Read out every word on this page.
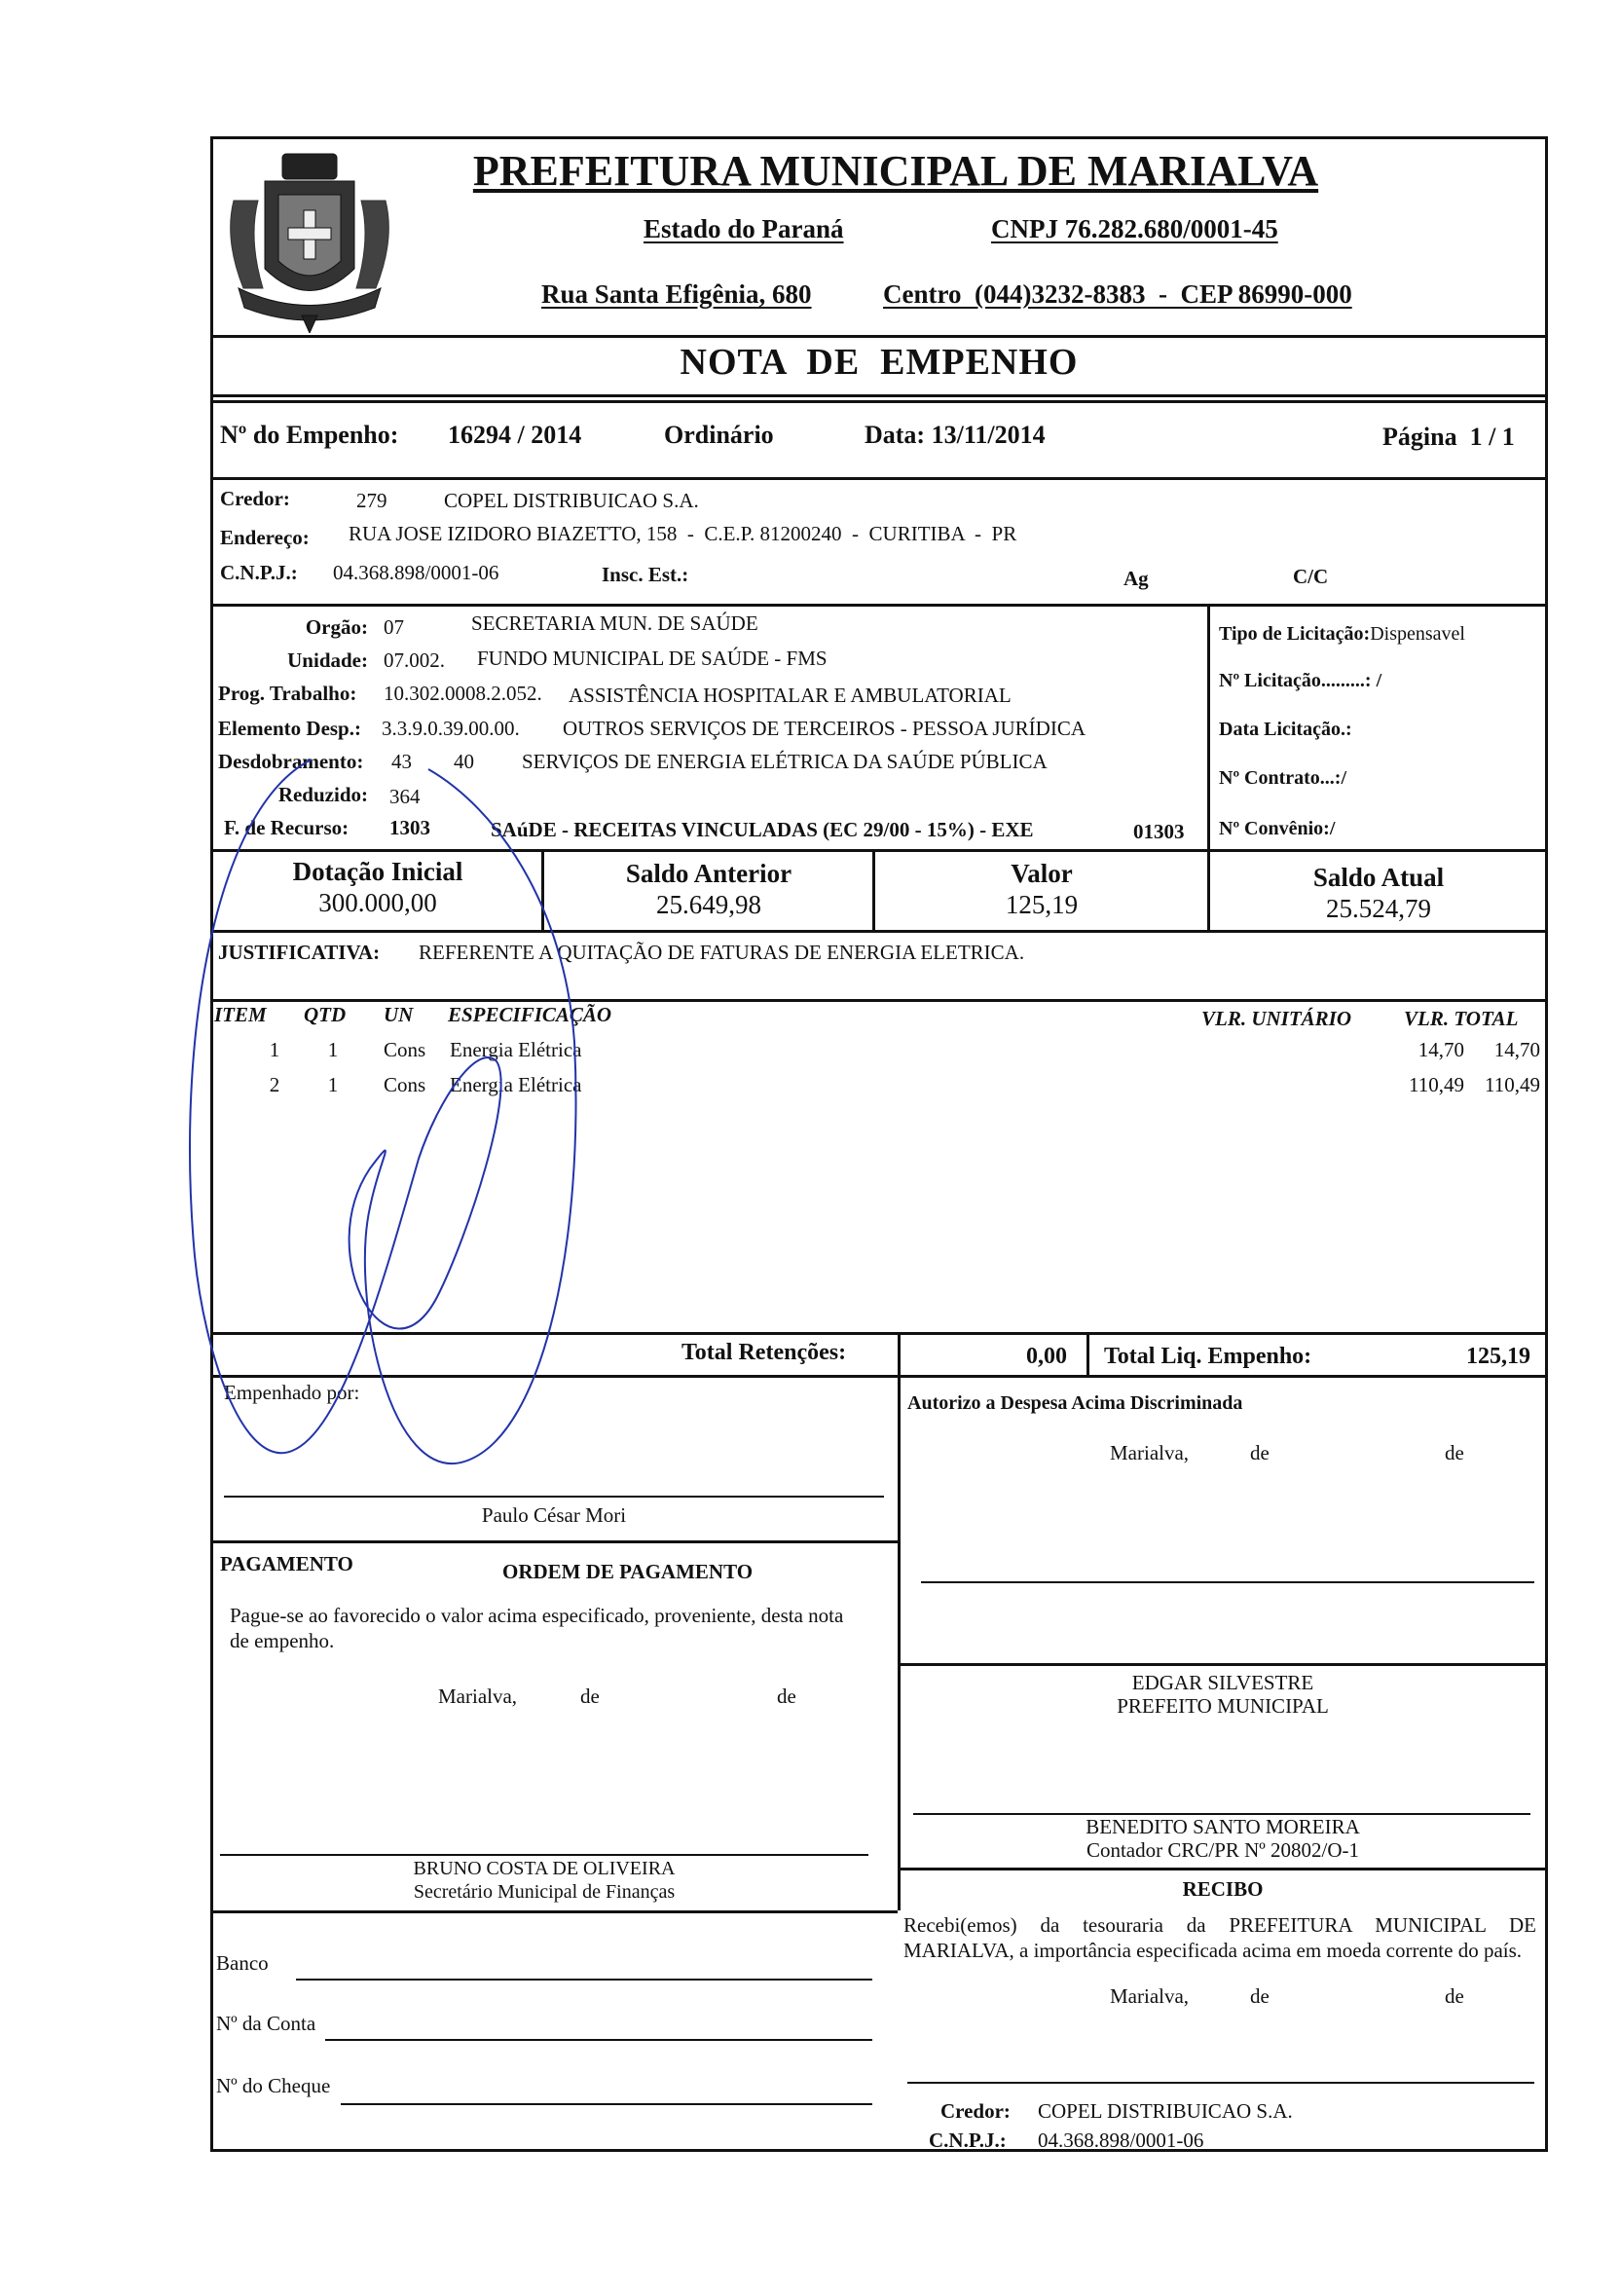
PREFEITURA MUNICIPAL DE MARIALVA
Estado do Paraná	CNPJ 76.282.680/0001-45
Rua Santa Efigênia, 680	Centro  (044)3232-8383  -  CEP 86990-000
NOTA  DE  EMPENHO
Nº do Empenho: 16294 / 2014	Ordinário	Data: 13/11/2014	Página  1 / 1
Credor:	279	COPEL DISTRIBUICAO S.A.
Endereço: RUA JOSE IZIDORO BIAZETTO, 158  -  C.E.P. 81200240  -  CURITIBA  -  PR
C.N.P.J.: 04.368.898/0001-06	Insc. Est.:	Ag	C/C
Orgão: 07	SECRETARIA MUN. DE SAÚDE
Unidade: 07.002. FUNDO MUNICIPAL DE SAÚDE - FMS
Prog. Trabalho: 10.302.0008.2.052. ASSISTÊNCIA HOSPITALAR E AMBULATORIAL
Elemento Desp.: 3.3.9.0.39.00.00. OUTROS SERVIÇOS DE TERCEIROS - PESSOA JURÍDICA
Desdobramento: 43 40 SERVIÇOS DE ENERGIA ELÉTRICA DA SAÚDE PÚBLICA
Reduzido: 364
F. de Recurso: 1303	SAúDE - RECEITAS VINCULADAS (EC 29/00 - 15%) - EXE	01303
Tipo de Licitação:Dispensavel
Nº Licitação.........: /
Data Licitação.:
Nº Contrato...:/
Nº Convênio:/
Dotação Inicial
300.000,00
Saldo Anterior
25.649,98
Valor
125,19
Saldo Atual
25.524,79
JUSTIFICATIVA: REFERENTE A QUITAÇÃO DE FATURAS DE ENERGIA ELETRICA.
ITEM QTD UN ESPECIFICAÇÃO	VLR. UNITÁRIO	VLR. TOTAL
1 1 Cons Energia Elétrica	14,70	14,70
2 1 Cons Energia Elétrica	110,49	110,49
Total Retenções:	0,00 Total Liq. Empenho:	125,19
Empenhado por:
Paulo César Mori
PAGAMENTO	ORDEM DE PAGAMENTO
Pague-se ao favorecido o valor acima especificado, proveniente, desta nota de empenho.
Marialva,	de	de
BRUNO COSTA DE OLIVEIRA
Secretário Municipal de Finanças
Banco
Nº da Conta
Nº do Cheque
Autorizo a Despesa Acima Discriminada
Marialva,	de	de
EDGAR SILVESTRE
PREFEITO MUNICIPAL
BENEDITO SANTO MOREIRA
Contador CRC/PR Nº 20802/O-1
RECIBO
Recebi(emos) da tesouraria da PREFEITURA MUNICIPAL DE MARIALVA, a importância especificada acima em moeda corrente do país.
Marialva,	de	de
Credor: COPEL DISTRIBUICAO S.A.
C.N.P.J.: 04.368.898/0001-06
